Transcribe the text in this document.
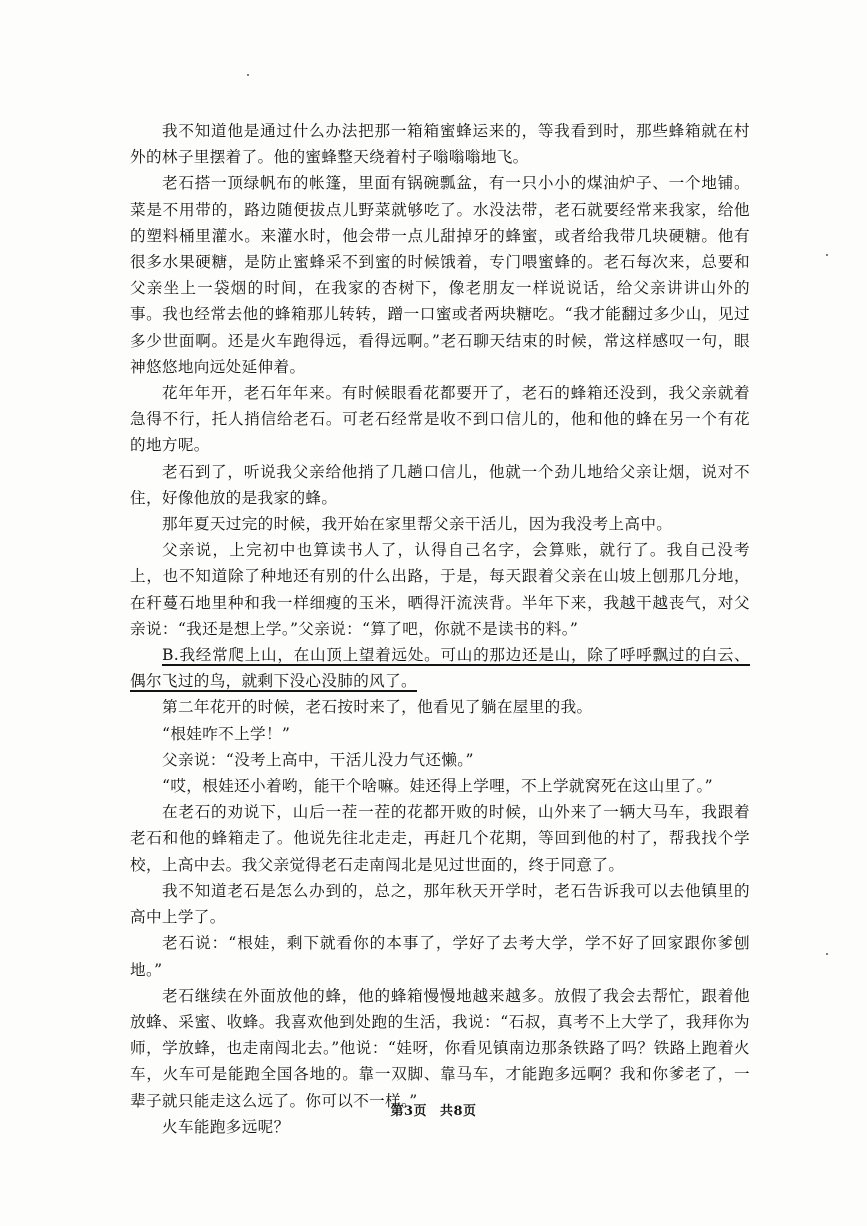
我不知道他是通过什么办法把那一箱箱蜜蜂运来的，等我看到时，那些蜂箱就在村外的林子里摆着了。他的蜜蜂整天绕着村子嗡嗡嗡地飞。

老石搭一顶绿帆布的帐篷，里面有锅碗瓢盆，有一只小小的煤油炉子、一个地铺。菜是不用带的，路边随便拔点儿野菜就够吃了。水没法带，老石就要经常来我家，给他的塑料桶里灌水。来灌水时，他会带一点儿甜掉牙的蜂蜜，或者给我带几块硬糖。他有很多水果硬糖，是防止蜜蜂采不到蜜的时候饿着，专门喂蜜蜂的。老石每次来，总要和父亲坐上一袋烟的时间，在我家的杏树下，像老朋友一样说说话，给父亲讲讲山外的事。我也经常去他的蜂箱那儿转转，蹭一口蜜或者两块糖吃。“我才能翻过多少山，见过多少世面啊。还是火车跑得远，看得远啊。”老石聊天结束的时候，常这样感叹一句，眼神悠悠地向远处延伸着。

花年年开，老石年年来。有时候眼看花都要开了，老石的蜂箱还没到，我父亲就着急得不行，托人捎信给老石。可老石经常是收不到口信儿的，他和他的蜂在另一个有花的地方呢。

老石到了，听说我父亲给他捎了几趟口信儿，他就一个劲儿地给父亲让烟，说对不住，好像他放的是我家的蜂。

那年夏天过完的时候，我开始在家里帮父亲干活儿，因为我没考上高中。

父亲说，上完初中也算读书人了，认得自己名字，会算账，就行了。我自己没考上，也不知道除了种地还有别的什么出路，于是，每天跟着父亲在山坡上刨那几分地，在秆蔓石地里种和我一样细瘦的玉米，晒得汗流浃背。半年下来，我越干越丧气，对父亲说：“我还是想上学。”父亲说：“算了吧，你就不是读书的料。”

B.我经常爬上山，在山顶上望着远处。可山的那边还是山，除了呼呼飘过的白云、偶尔飞过的鸟，就剩下没心没肺的风了。

第二年花开的时候，老石按时来了，他看见了躺在屋里的我。

“根娃咋不上学！”

父亲说：“没考上高中，干活儿没力气还懒。”

“哎，根娃还小着哟，能干个啥嘛。娃还得上学哩，不上学就窝死在这山里了。”

在老石的劝说下，山后一茬一茬的花都开败的时候，山外来了一辆大马车，我跟着老石和他的蜂箱走了。他说先往北走走，再赶几个花期，等回到他的村了，帮我找个学校，上高中去。我父亲觉得老石走南闯北是见过世面的，终于同意了。

我不知道老石是怎么办到的，总之，那年秋天开学时，老石告诉我可以去他镇里的高中上学了。

老石说：“根娃，剩下就看你的本事了，学好了去考大学，学不好了回家跟你爹刨地。”

老石继续在外面放他的蜂，他的蜂箱慢慢地越来越多。放假了我会去帮忙，跟着他放蜂、采蜜、收蜂。我喜欢他到处跑的生活，我说：“石叔，真考不上大学了，我拜你为师，学放蜂，也走南闯北去。”他说：“娃呀，你看见镇南边那条铁路了吗？铁路上跑着火车，火车可是能跑全国各地的。靠一双脚、靠马车，才能跑多远啊？我和你爹老了，一辈子就只能走这么远了。你可以不一样。”

火车能跑多远呢？

第3页 共8页
